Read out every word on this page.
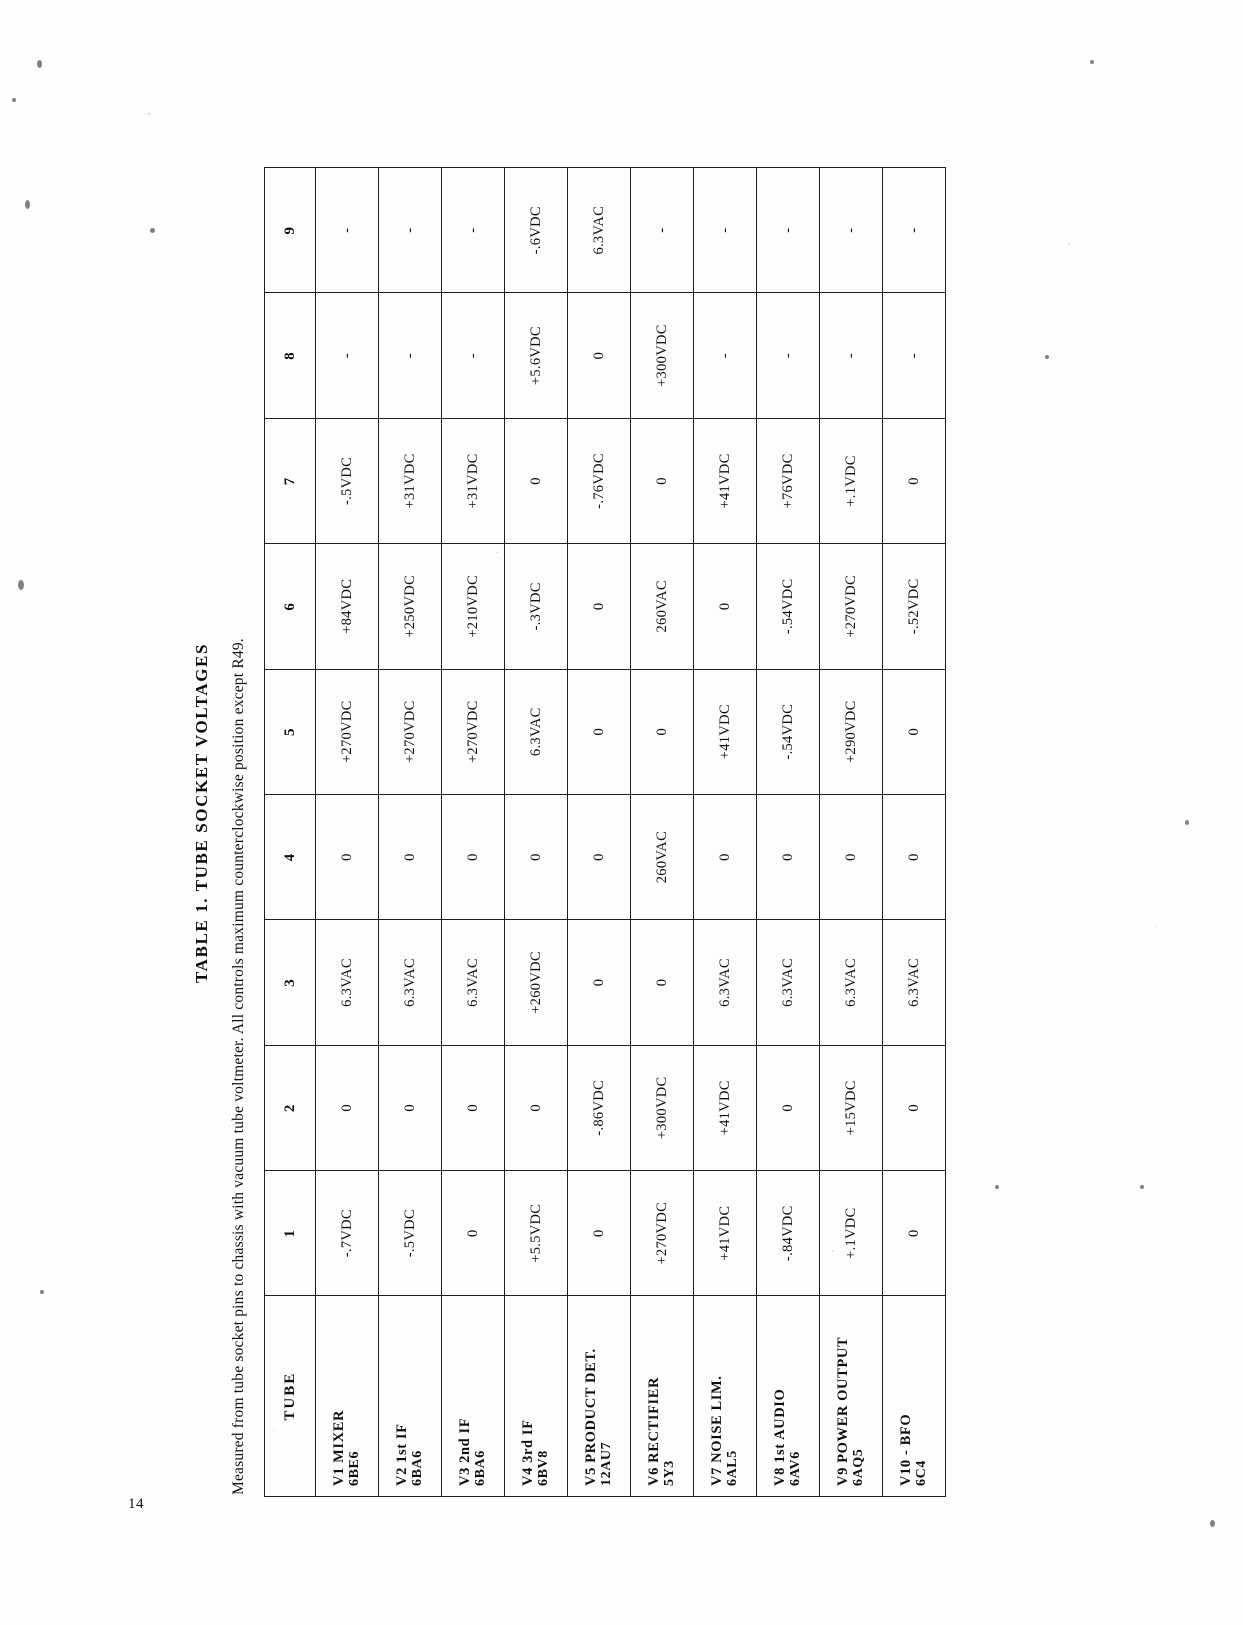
14
TABLE 1. TUBE SOCKET VOLTAGES Measured from tube socket pins to chassis with vacuum tube voltmeter. All controls maximum counterclockwise position except R49. TUBE	1	2	3	4	5	6	7	8	9
V1 MIXER 6BE6	-.7VDC	0	6.3VAC	0	+270VDC	+84VDC	-.5VDC	-	-
V2 1st IF 6BA6	-.5VDC	0	6.3VAC	0	+270VDC	+250VDC	+31VDC	-	-
V3 2nd IF 6BA6	0	0	6.3VAC	0	+270VDC	+210VDC	+31VDC	-	-
V4 3rd IF 6BV8	+5.5VDC	0	+260VDC	0	6.3VAC	-.3VDC	0	+5.6VDC	-.6VDC
V5 PRODUCT DET. 12AU7	0	-.86VDC	0	0	0	0	-.76VDC	0	6.3VAC
V6 RECTIFIER 5Y3	+270VDC	+300VDC	0	260VAC	0	260VAC	0	+300VDC	-
V7 NOISE LIM. 6AL5	+41VDC	+41VDC	6.3VAC	0	+41VDC	0	+41VDC	-	-
V8 1st AUDIO 6AV6	-.84VDC	0	6.3VAC	0	-.54VDC	-.54VDC	+76VDC	-	-
V9 POWER OUTPUT 6AQ5	+.1VDC	+15VDC	6.3VAC	0	+290VDC	+270VDC	+.1VDC	-	-
V10 - BFO 6C4	0	0	6.3VAC	0	0	-.52VDC	0	-	-
